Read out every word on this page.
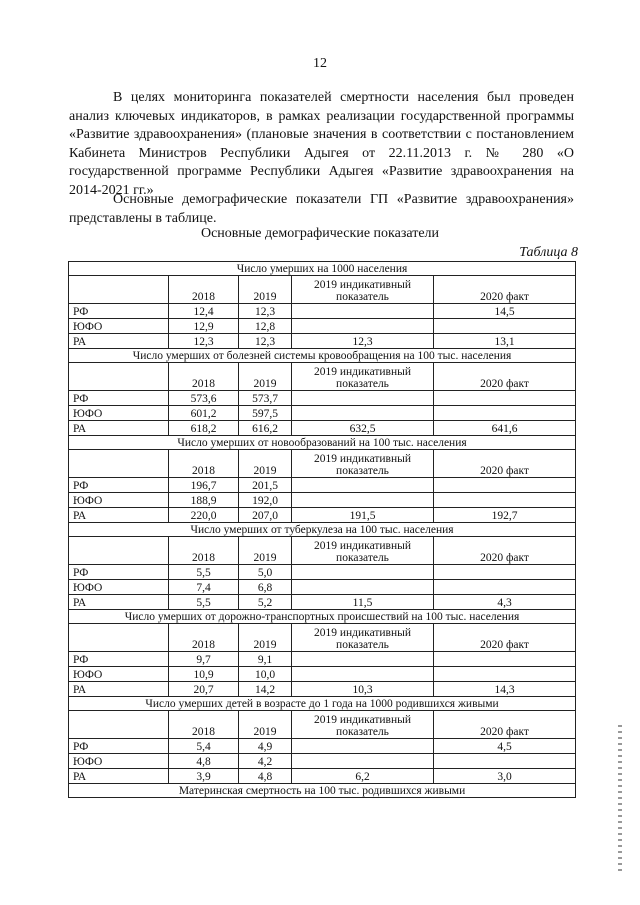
12

В целях мониторинга показателей смертности населения был проведен анализ ключевых индикаторов, в рамках реализации государственной программы «Развитие здравоохранения» (плановые значения в соответствии с постановлением Кабинета Министров Республики Адыгея от 22.11.2013 г. № 280 «О государственной программе Республики Адыгея «Развитие здравоохранения на 2014-2021 гг.»

Основные демографические показатели ГП «Развитие здравоохранения» представлены в таблице.

Основные демографические показатели
Таблица 8
Число умерших на 1000 населения				
	2018	2019	2019 индикативный показатель	2020 факт
РФ	12,4	12,3		14,5
ЮФО	12,9	12,8		
РА	12,3	12,3	12,3	13,1
Число умерших от болезней системы кровообращения на 100 тыс. населения				
	2018	2019	2019 индикативный показатель	2020 факт
РФ	573,6	573,7		
ЮФО	601,2	597,5		
РА	618,2	616,2	632,5	641,6
Число умерших от новообразований на 100 тыс. населения				
	2018	2019	2019 индикативный показатель	2020 факт
РФ	196,7	201,5		
ЮФО	188,9	192,0		
РА	220,0	207,0	191,5	192,7
Число умерших от туберкулеза на 100 тыс. населения				
	2018	2019	2019 индикативный показатель	2020 факт
РФ	5,5	5,0		
ЮФО	7,4	6,8		
РА	5,5	5,2	11,5	4,3
Число умерших от дорожно-транспортных происшествий на 100 тыс. населения				
	2018	2019	2019 индикативный показатель	2020 факт
РФ	9,7	9,1		
ЮФО	10,9	10,0		
РА	20,7	14,2	10,3	14,3
Число умерших детей в возрасте до 1 года на 1000 родившихся живыми				
	2018	2019	2019 индикативный показатель	2020 факт
РФ	5,4	4,9		4,5
ЮФО	4,8	4,2		
РА	3,9	4,8	6,2	3,0
Материнская смертность на 100 тыс. родившихся живыми				
